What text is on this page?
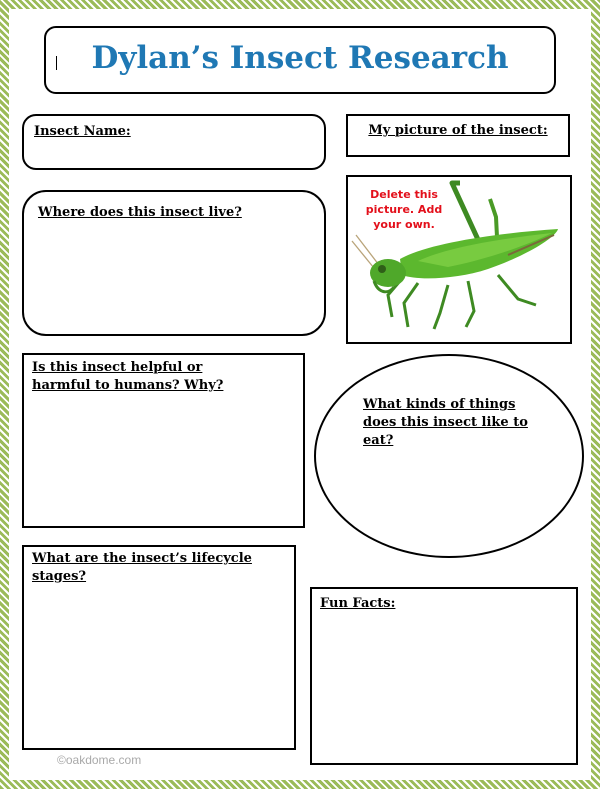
Dylan’s Insect Research
Insect Name:	My picture of the insect:
Where does this insect live?
Delete this picture. Add your own.
Is this insect helpful or harmful to humans? Why?
What kinds of things does this insect like to eat?
What are the insect’s lifecycle stages?
Fun Facts:
©oakdome.com
